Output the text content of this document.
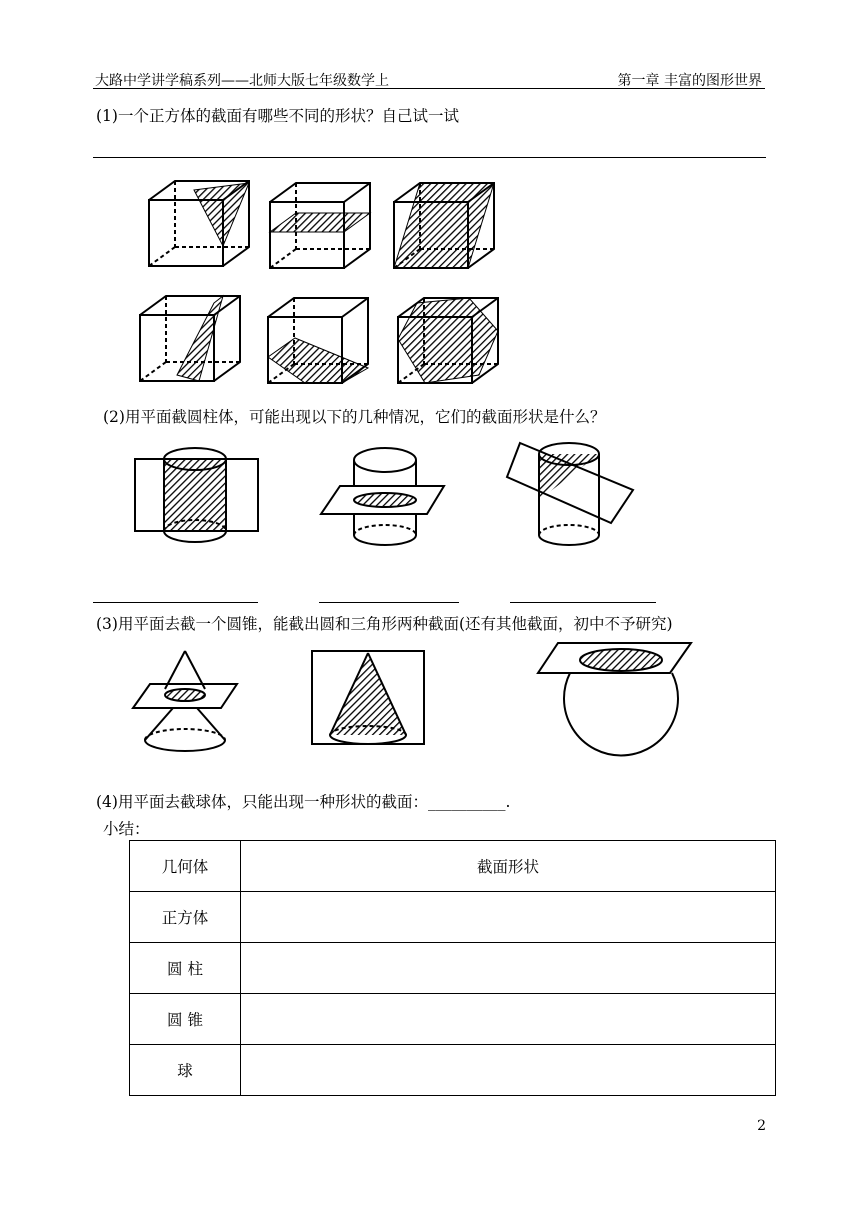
大路中学讲学稿系列——北师大版七年级数学上	第一章 丰富的图形世界
(1)一个正方体的截面有哪些不同的形状？自己试一试
(2)用平面截圆柱体，可能出现以下的几种情况，它们的截面形状是什么？
(3)用平面去截一个圆锥，能截出圆和三角形两种截面(还有其他截面，初中不予研究)
(4)用平面去截球体，只能出现一种形状的截面：__________.
小结：
几何体	截面形状
正方体	
圆 柱	
圆 锥	
球	
2
